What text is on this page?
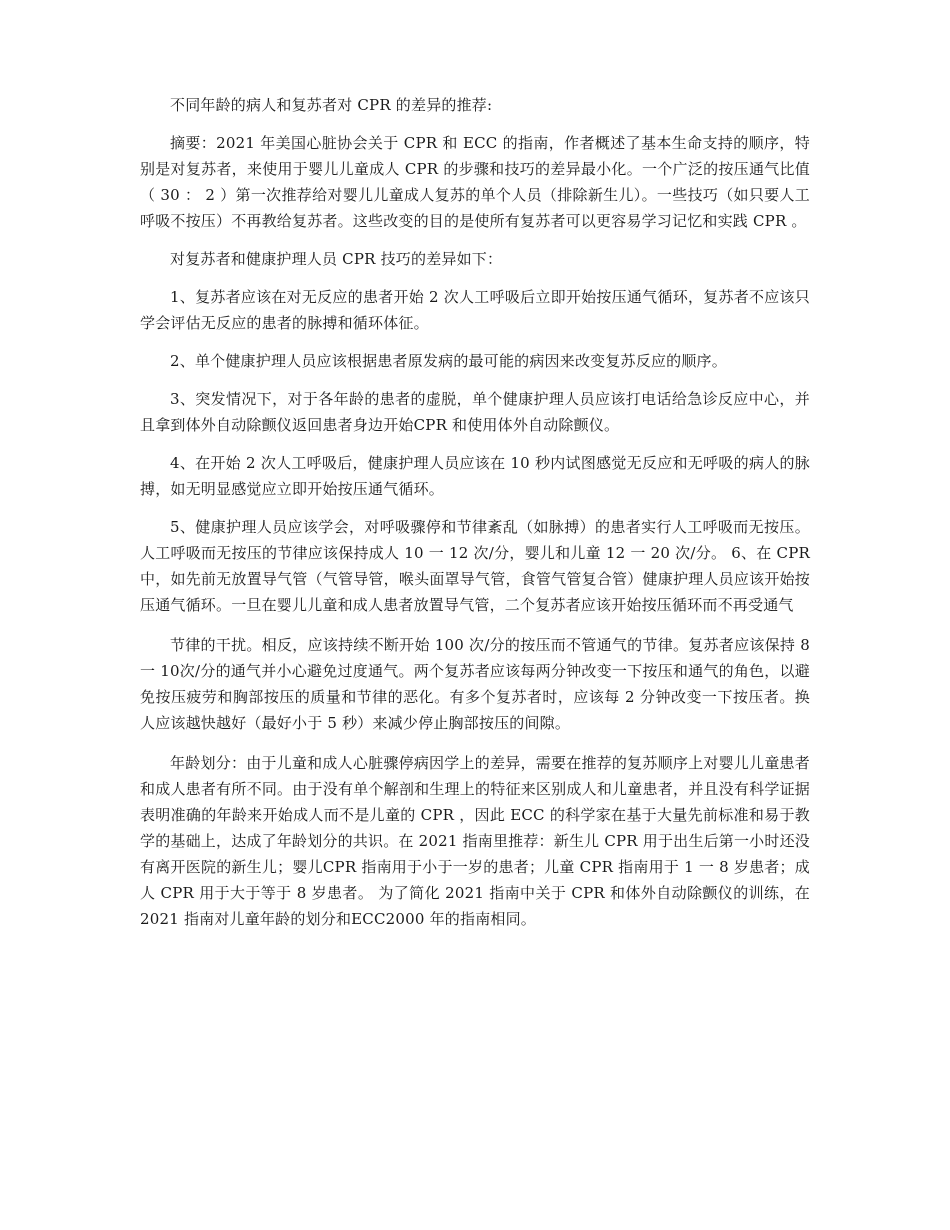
不同年龄的病人和复苏者对 CPR 的差异的推荐:

摘要：2021 年美国心脏协会关于 CPR 和 ECC 的指南，作者概述了基本生命支持的顺序，特别是对复苏者，来使用于婴儿儿童成人 CPR 的步骤和技巧的差异最小化。一个广泛的按压通气比值（ 30 ： 2 ）第一次推荐给对婴儿儿童成人复苏的单个人员（排除新生儿）。一些技巧（如只要人工呼吸不按压）不再教给复苏者。这些改变的目的是使所有复苏者可以更容易学习记忆和实践 CPR 。

对复苏者和健康护理人员 CPR 技巧的差异如下：

1、复苏者应该在对无反应的患者开始 2 次人工呼吸后立即开始按压通气循环，复苏者不应该只学会评估无反应的患者的脉搏和循环体征。

2、单个健康护理人员应该根据患者原发病的最可能的病因来改变复苏反应的顺序。

3、突发情况下，对于各年龄的患者的虚脱，单个健康护理人员应该打电话给急诊反应中心，并且拿到体外自动除颤仪返回患者身边开始CPR 和使用体外自动除颤仪。

4、在开始 2 次人工呼吸后，健康护理人员应该在 10 秒内试图感觉无反应和无呼吸的病人的脉搏，如无明显感觉应立即开始按压通气循环。

5、健康护理人员应该学会，对呼吸骤停和节律紊乱（如脉搏）的患者实行人工呼吸而无按压。人工呼吸而无按压的节律应该保持成人 10 一 12 次/分，婴儿和儿童 12 一 20 次/分。 6、在 CPR 中，如先前无放置导气管（气管导管，喉头面罩导气管，食管气管复合管）健康护理人员应该开始按压通气循环。一旦在婴儿儿童和成人患者放置导气管，二个复苏者应该开始按压循环而不再受通气

节律的干扰。相反，应该持续不断开始 100 次/分的按压而不管通气的节律。复苏者应该保持 8 一 10次/分的通气并小心避免过度通气。两个复苏者应该每两分钟改变一下按压和通气的角色，以避免按压疲劳和胸部按压的质量和节律的恶化。有多个复苏者时，应该每 2 分钟改变一下按压者。换人应该越快越好（最好小于 5 秒）来减少停止胸部按压的间隙。

年龄划分：由于儿童和成人心脏骤停病因学上的差异，需要在推荐的复苏顺序上对婴儿儿童患者和成人患者有所不同。由于没有单个解剖和生理上的特征来区别成人和儿童患者，并且没有科学证据表明准确的年龄来开始成人而不是儿童的 CPR ，因此 ECC 的科学家在基于大量先前标准和易于教学的基础上，达成了年龄划分的共识。在 2021 指南里推荐：新生儿 CPR 用于出生后第一小时还没有离开医院的新生儿；婴儿CPR 指南用于小于一岁的患者；儿童 CPR 指南用于 1 一 8 岁患者；成人 CPR 用于大于等于 8 岁患者。 为了简化 2021 指南中关于 CPR 和体外自动除颤仪的训练，在2021 指南对儿童年龄的划分和ECC2000 年的指南相同。
